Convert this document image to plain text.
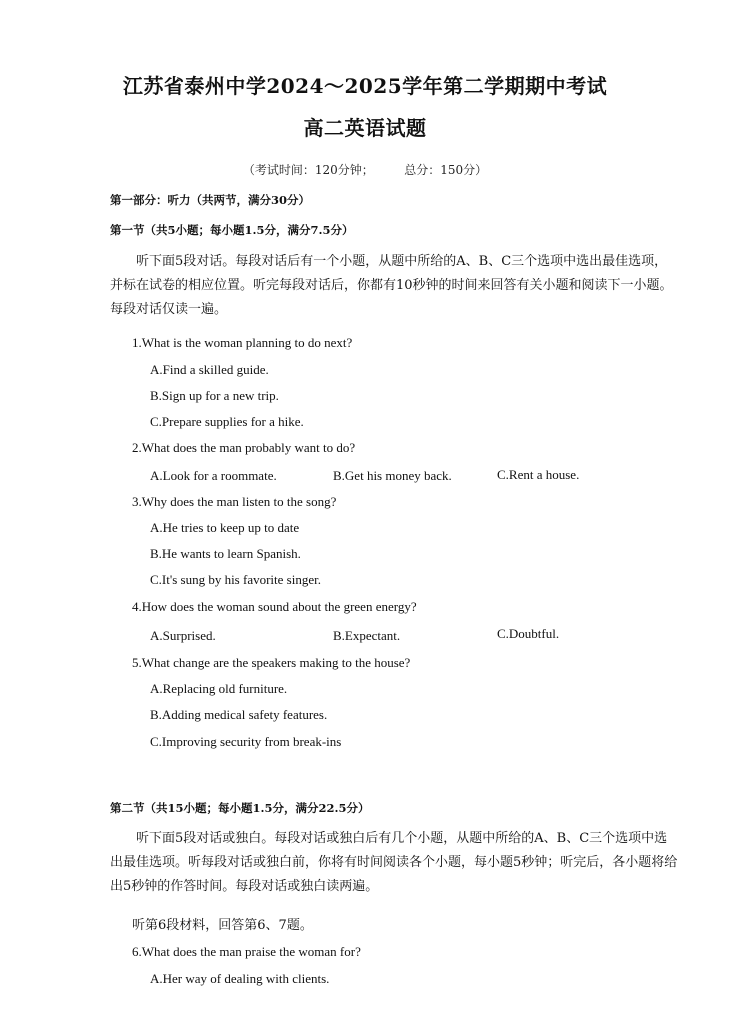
江苏省泰州中学2024～2025学年第二学期期中考试
高二英语试题
（考试时间：120分钟；        总分：150分）
第一部分：听力（共两节，满分30分）
第一节（共5小题；每小题1.5分，满分7.5分）
听下面5段对话。每段对话后有一个小题，从题中所给的A、B、C三个选项中选出最佳选项，并标在试卷的相应位置。听完每段对话后，你都有10秒钟的时间来回答有关小题和阅读下一小题。每段对话仅读一遍。
1.What is the woman planning to do next?
A.Find a skilled guide.
B.Sign up for a new trip.
C.Prepare supplies for a hike.
2.What does the man probably want to do?
A.Look for a roommate.	B.Get his money back.	C.Rent a house.
3.Why does the man listen to the song?
A.He tries to keep up to date
B.He wants to learn Spanish.
C.It's sung by his favorite singer.
4.How does the woman sound about the green energy?
A.Surprised.	B.Expectant.	C.Doubtful.
5.What change are the speakers making to the house?
A.Replacing old furniture.
B.Adding medical safety features.
C.Improving security from break-ins
第二节（共15小题；每小题1.5分，满分22.5分）
听下面5段对话或独白。每段对话或独白后有几个小题，从题中所给的A、B、C三个选项中选出最佳选项。听每段对话或独白前，你将有时间阅读各个小题，每小题5秒钟；听完后，各小题将给出5秒钟的作答时间。每段对话或独白读两遍。
听第6段材料，回答第6、7题。
6.What does the man praise the woman for?
A.Her way of dealing with clients.
